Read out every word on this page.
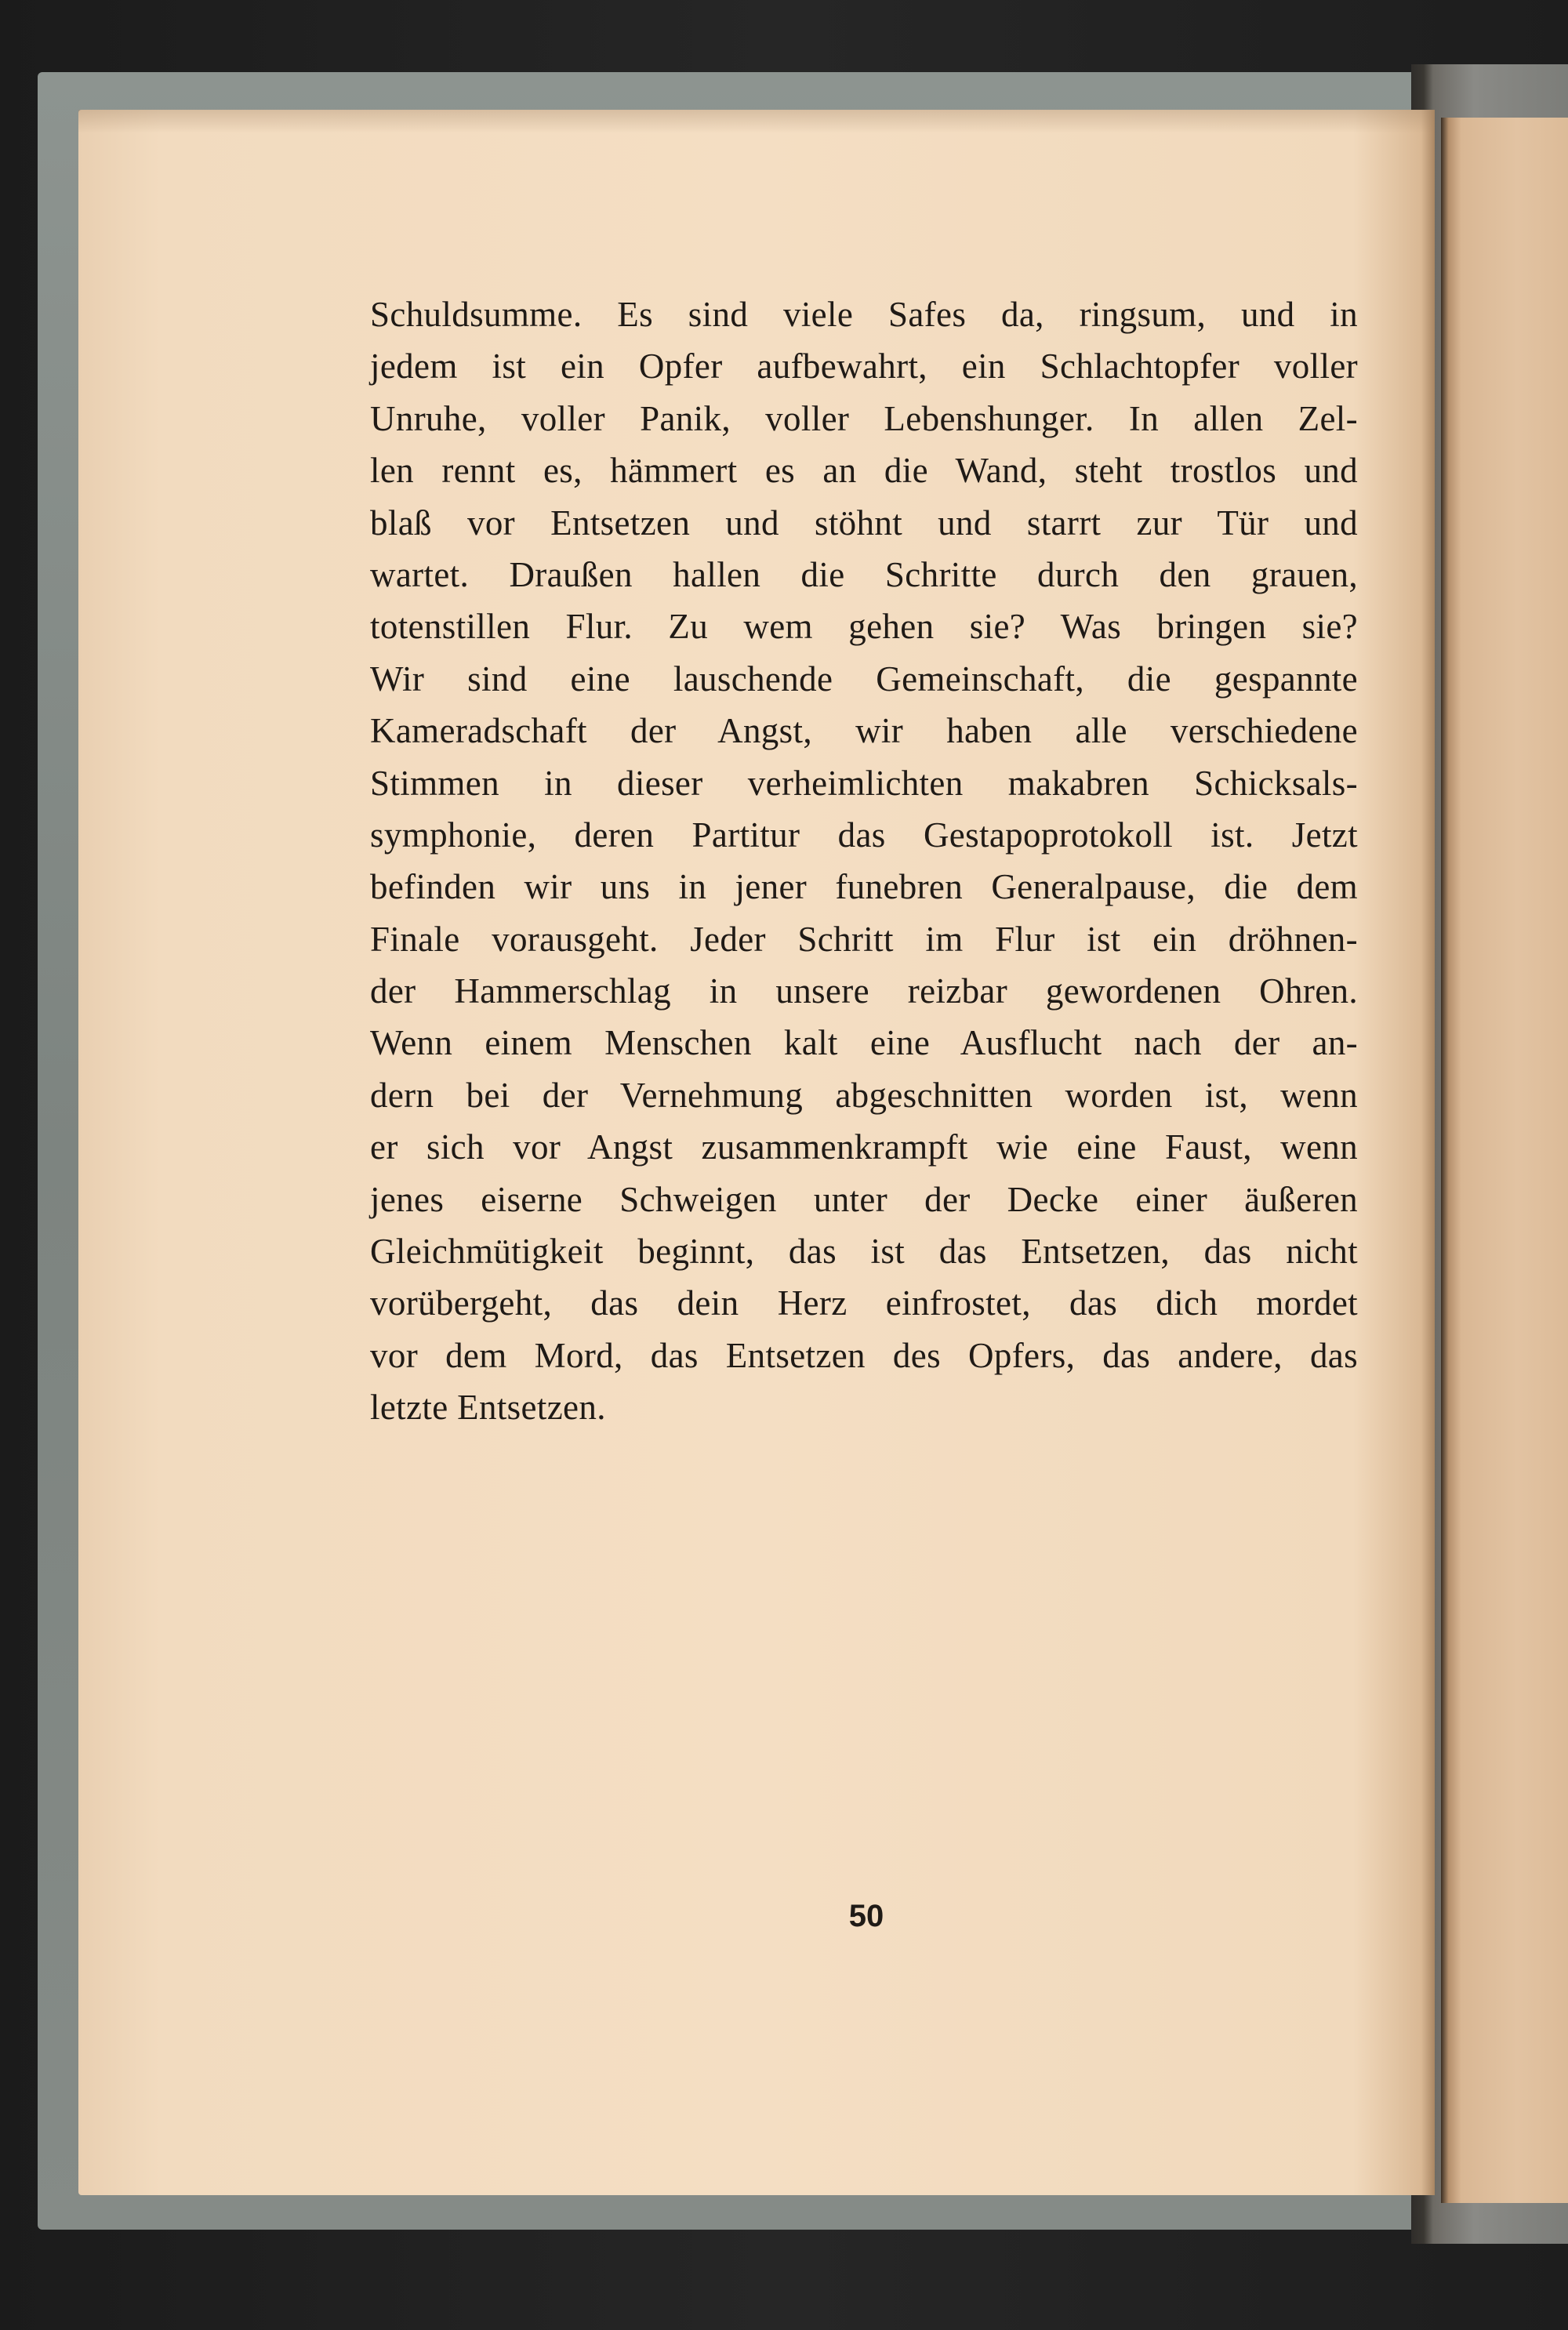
Schuldsumme. Es sind viele Safes da, ringsum, und in
jedem ist ein Opfer aufbewahrt, ein Schlachtopfer voller
Unruhe, voller Panik, voller Lebenshunger. In allen Zel-
len rennt es, hämmert es an die Wand, steht trostlos und
blaß vor Entsetzen und stöhnt und starrt zur Tür und
wartet. Draußen hallen die Schritte durch den grauen,
totenstillen Flur. Zu wem gehen sie? Was bringen sie?
Wir sind eine lauschende Gemeinschaft, die gespannte
Kameradschaft der Angst, wir haben alle verschiedene
Stimmen in dieser verheimlichten makabren Schicksals-
symphonie, deren Partitur das Gestapoprotokoll ist. Jetzt
befinden wir uns in jener funebren Generalpause, die dem
Finale vorausgeht. Jeder Schritt im Flur ist ein dröhnen-
der Hammerschlag in unsere reizbar gewordenen Ohren.
Wenn einem Menschen kalt eine Ausflucht nach der an-
dern bei der Vernehmung abgeschnitten worden ist, wenn
er sich vor Angst zusammenkrampft wie eine Faust, wenn
jenes eiserne Schweigen unter der Decke einer äußeren
Gleichmütigkeit beginnt, das ist das Entsetzen, das nicht
vorübergeht, das dein Herz einfrostet, das dich mordet
vor dem Mord, das Entsetzen des Opfers, das andere, das
letzte Entsetzen.
50
